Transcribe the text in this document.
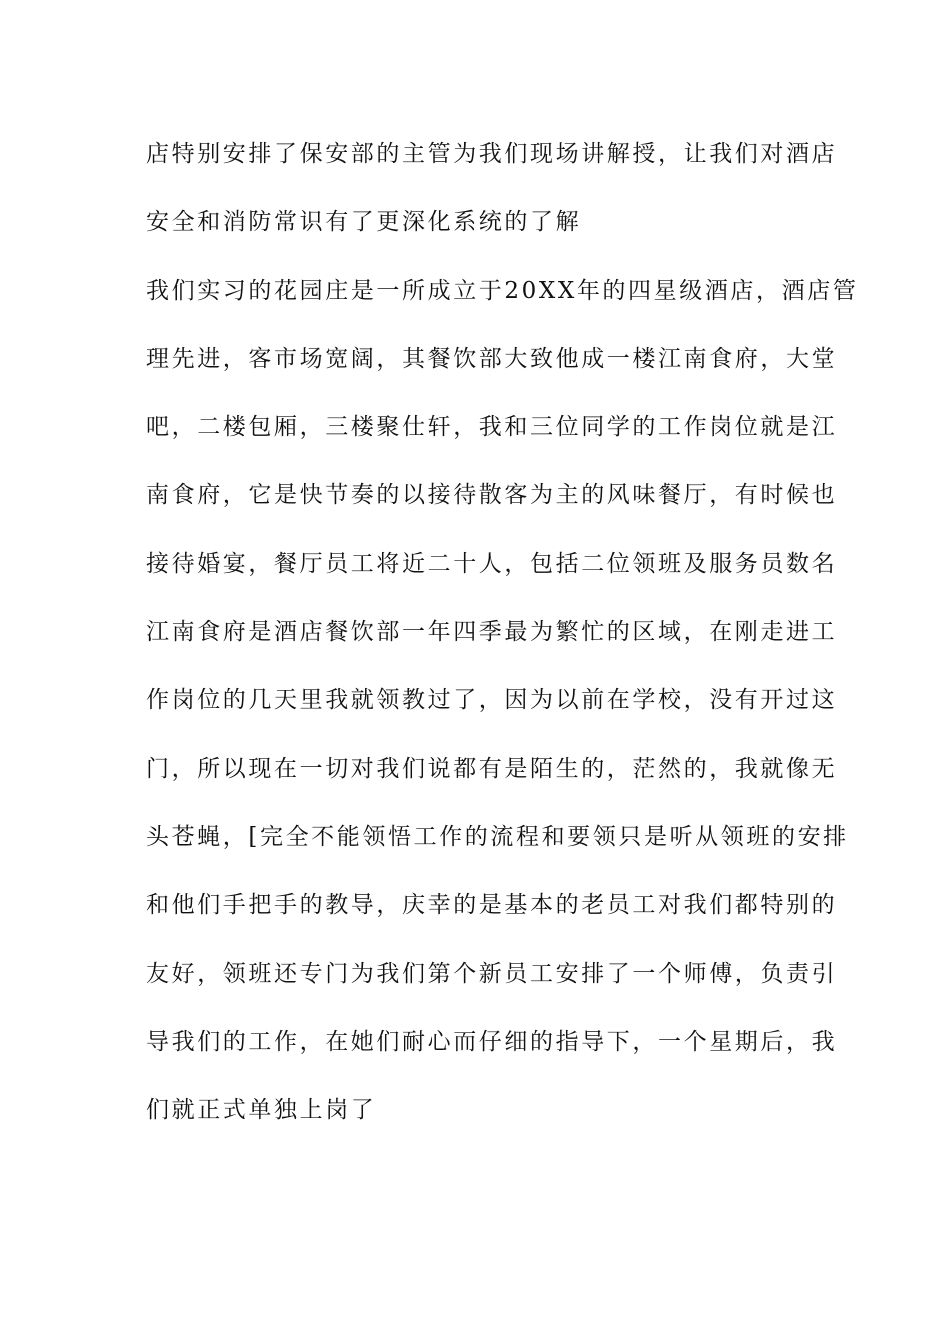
店特别安排了保安部的主管为我们现场讲解授，让我们对酒店
安全和消防常识有了更深化系统的了解
我们实习的花园庄是一所成立于20XX年的四星级酒店，酒店管
理先进，客市场宽阔，其餐饮部大致他成一楼江南食府，大堂
吧，二楼包厢，三楼聚仕轩，我和三位同学的工作岗位就是江
南食府，它是快节奏的以接待散客为主的风味餐厅，有时候也
接待婚宴，餐厅员工将近二十人，包括二位领班及服务员数名
江南食府是酒店餐饮部一年四季最为繁忙的区域，在刚走进工
作岗位的几天里我就领教过了，因为以前在学校，没有开过这
门，所以现在一切对我们说都有是陌生的，茫然的，我就像无
头苍蝇，[完全不能领悟工作的流程和要领只是听从领班的安排
和他们手把手的教导，庆幸的是基本的老员工对我们都特别的
友好，领班还专门为我们第个新员工安排了一个师傅，负责引
导我们的工作，在她们耐心而仔细的指导下，一个星期后，我
们就正式单独上岗了
